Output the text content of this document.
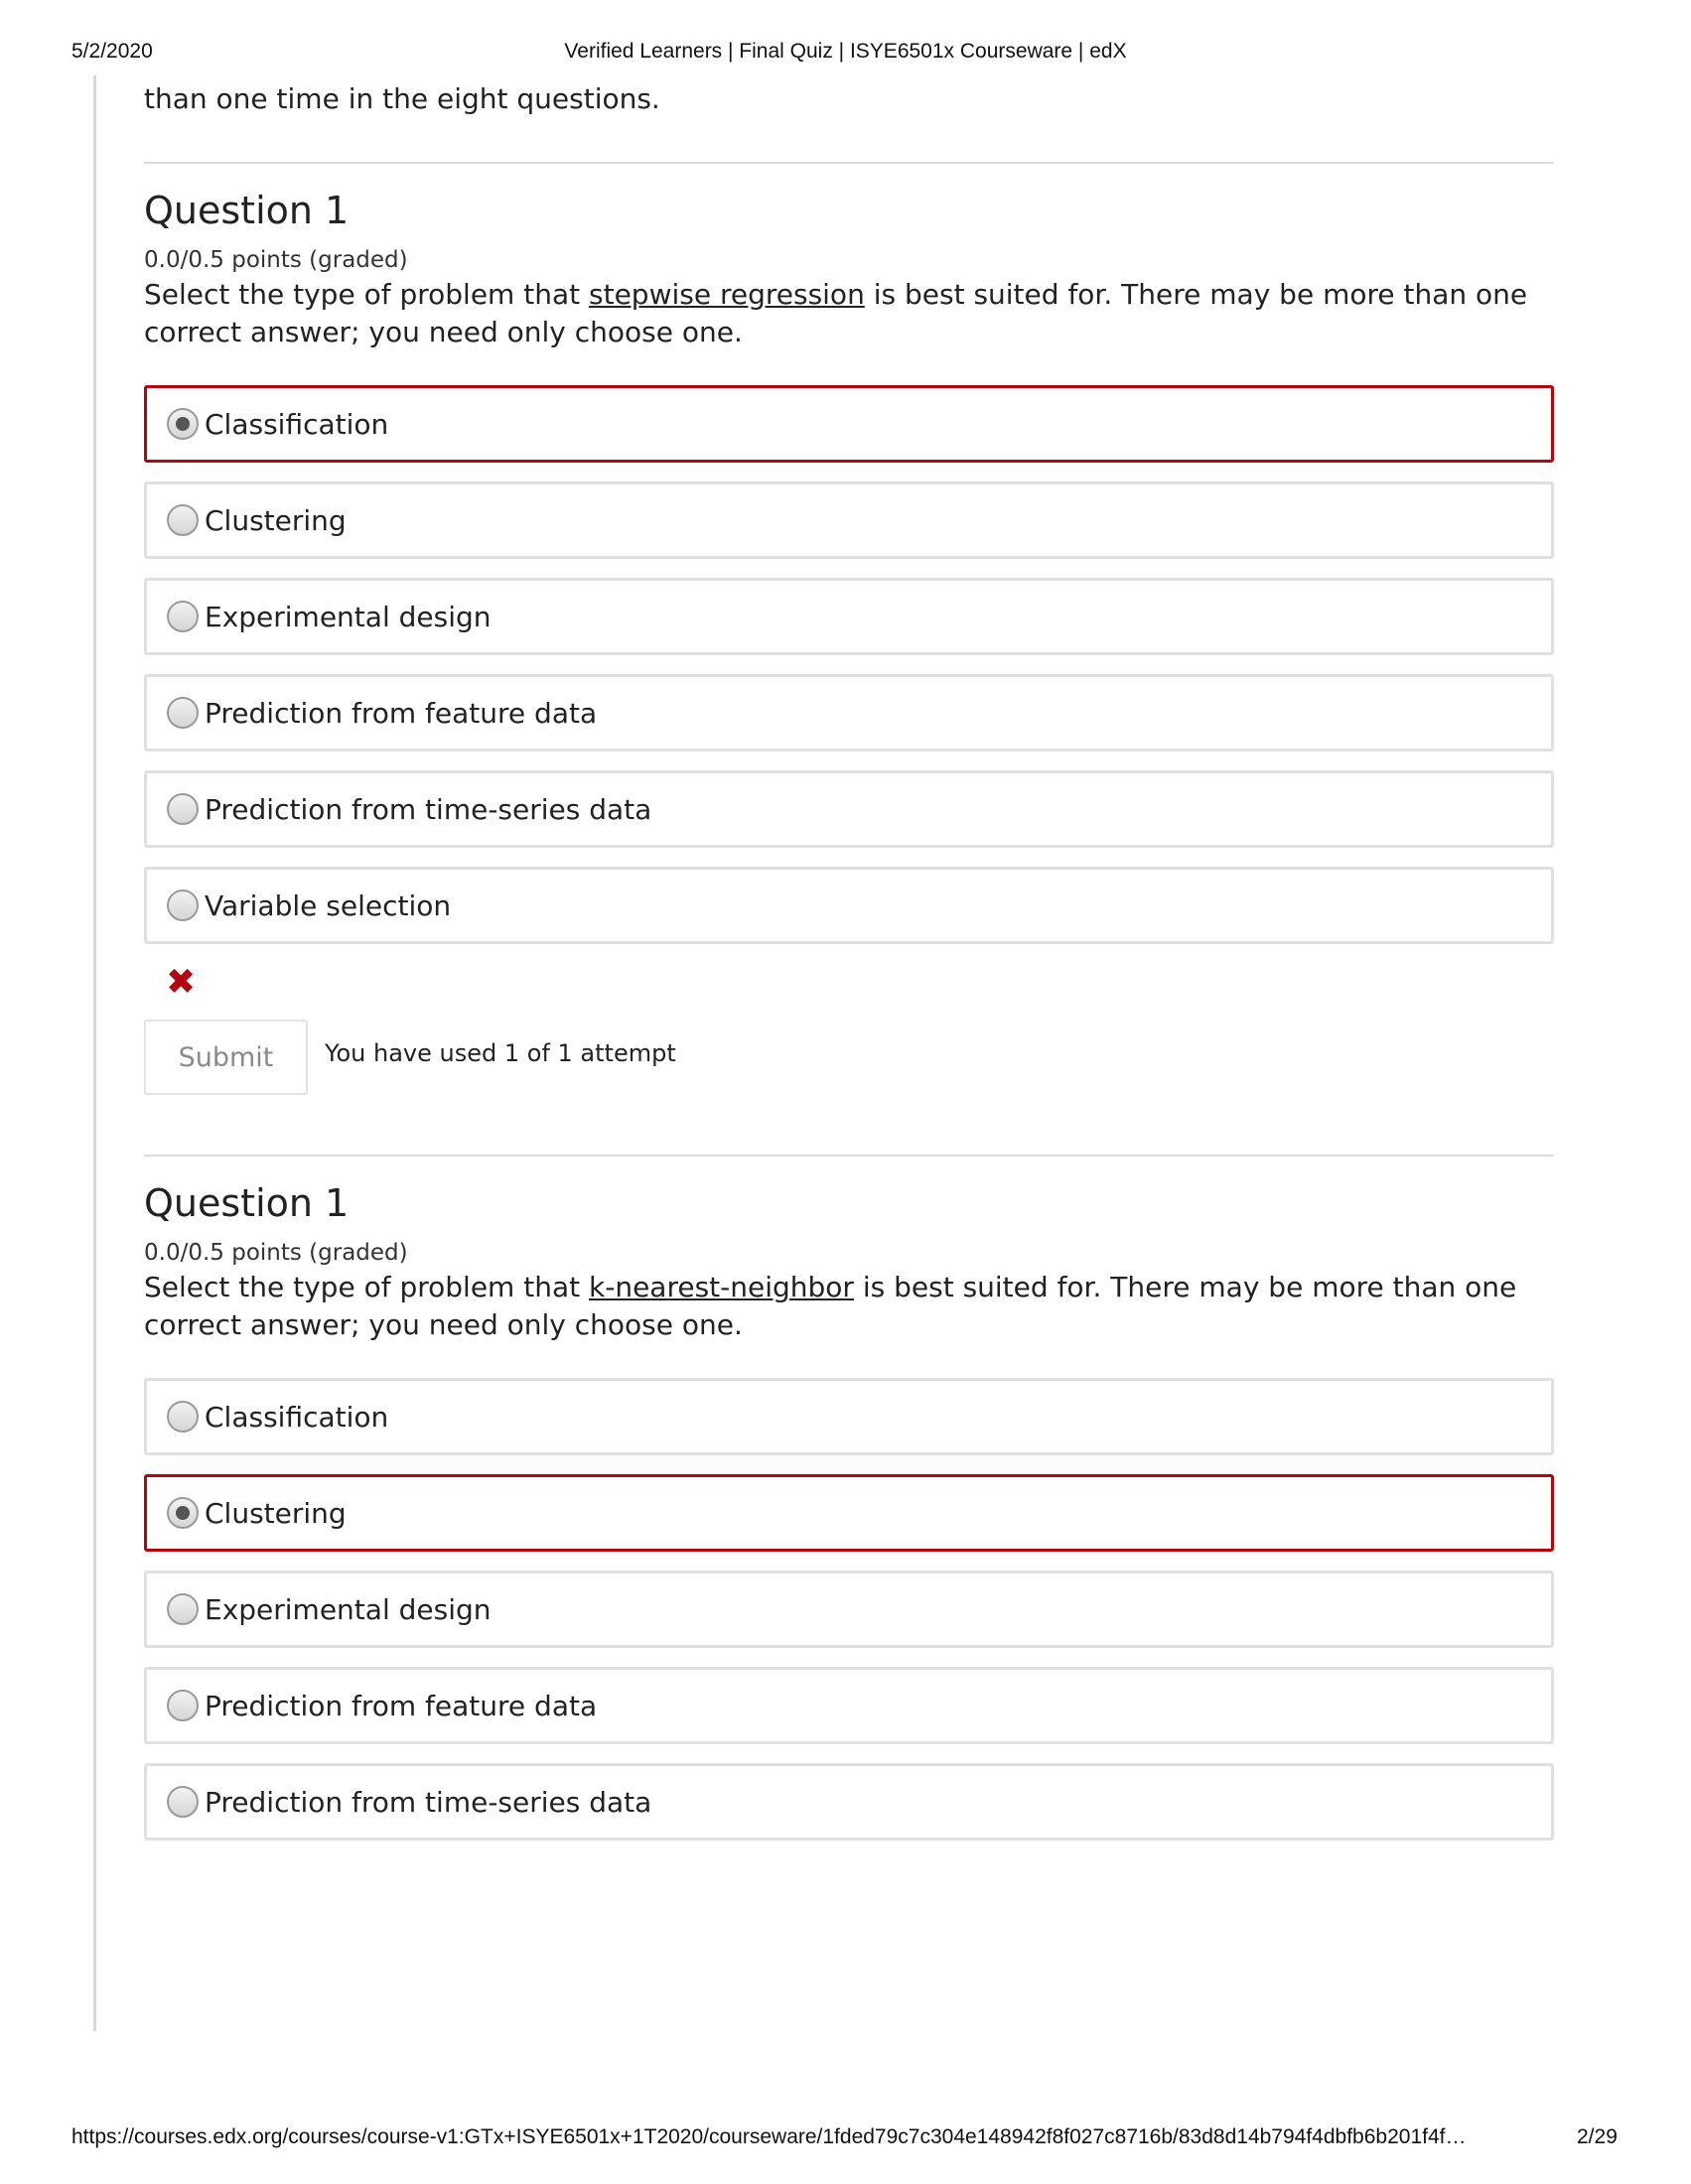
5/2/2020	Verified Learners | Final Quiz | ISYE6501x Courseware | edX

than one time in the eight questions.

Question 1

0.0/0.5 points (graded)

Select the type of problem that stepwise regression is best suited for. There may be more than one correct answer; you need only choose one.

Classification
Clustering
Experimental design
Prediction from feature data
Prediction from time-series data
Variable selection
✖
Submit	You have used 1 of 1 attempt
Question 1

0.0/0.5 points (graded)

Select the type of problem that k-nearest-neighbor is best suited for. There may be more than one correct answer; you need only choose one.

Classification
Clustering
Experimental design
Prediction from feature data
Prediction from time-series data
https://courses.edx.org/courses/course-v1:GTx+ISYE6501x+1T2020/courseware/1fded79c7c304e148942f8f027c8716b/83d8d14b794f4dbfb6b201f4f…	2/29
